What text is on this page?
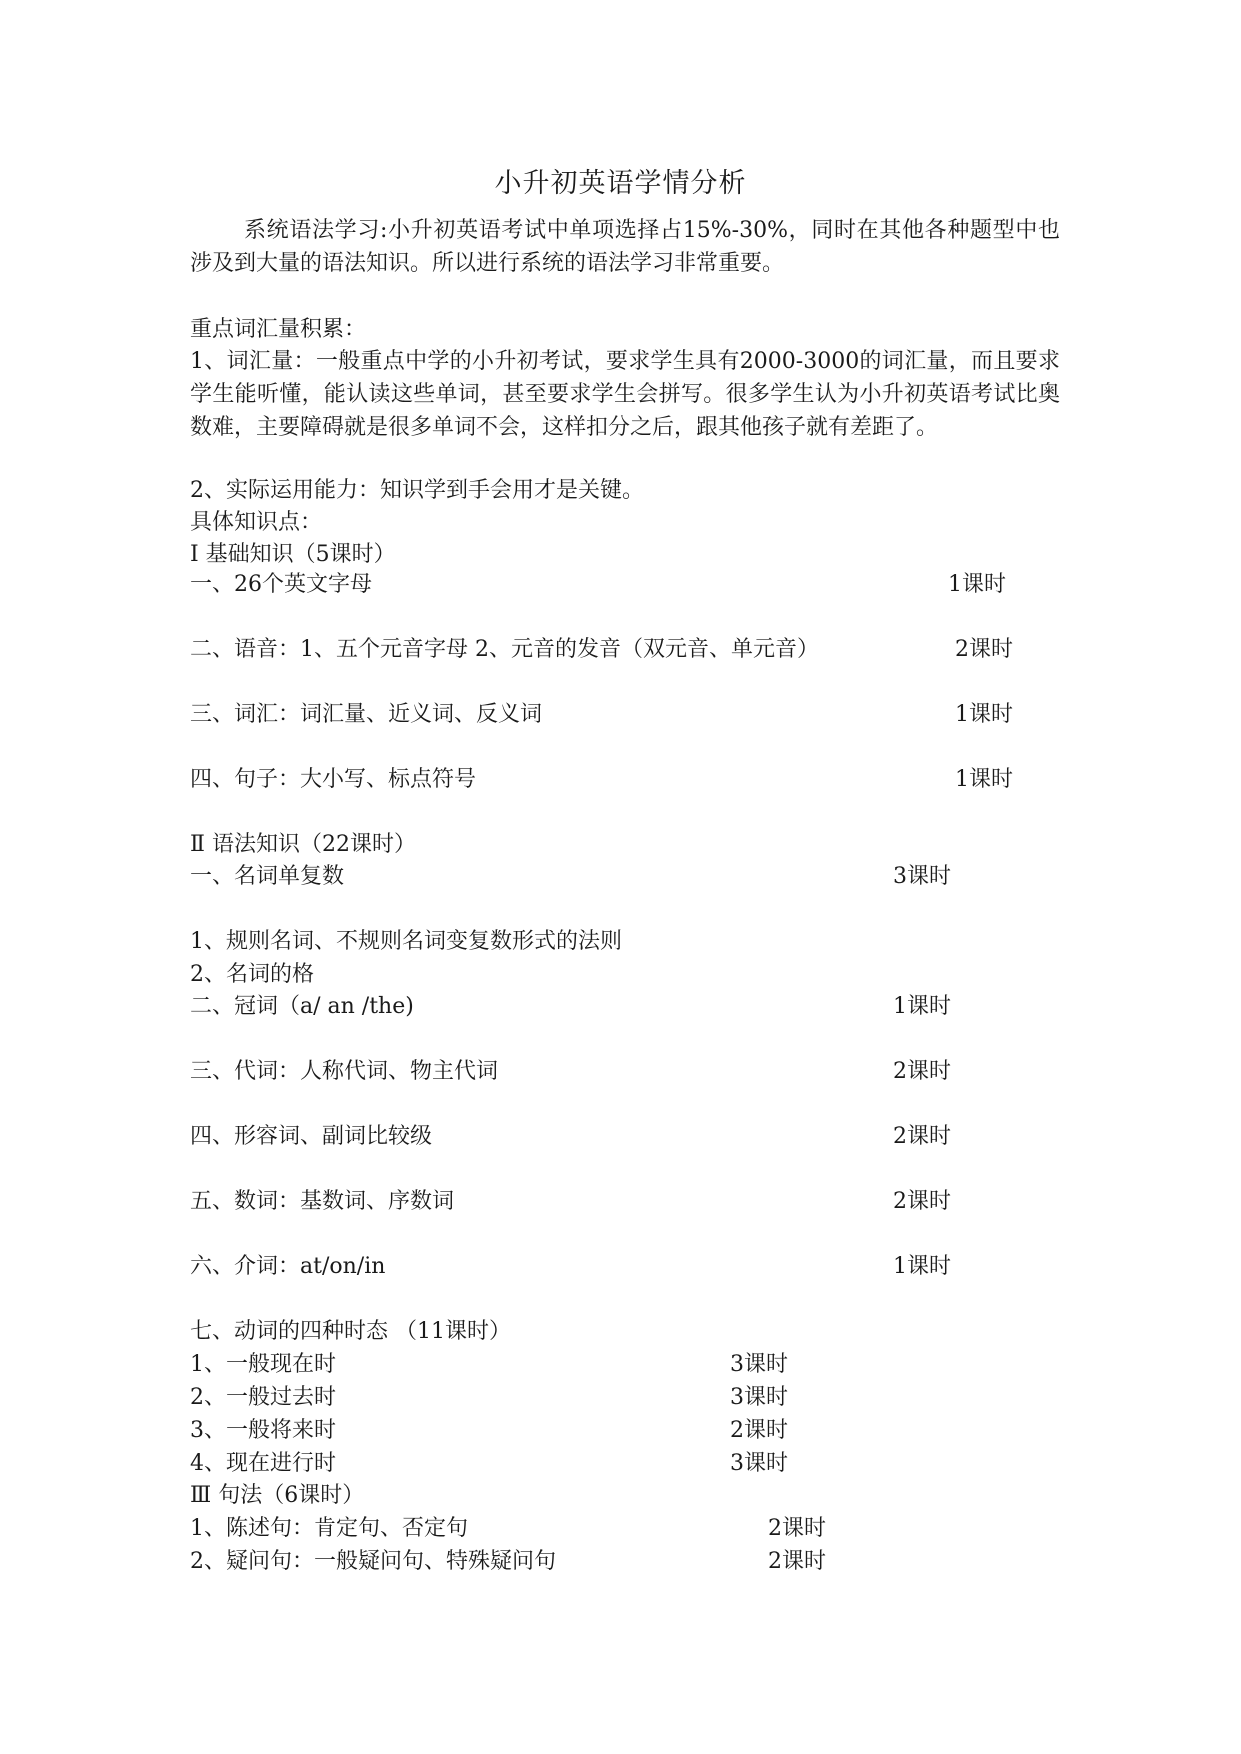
小升初英语学情分析
系统语法学习:小升初英语考试中单项选择占15%-30%，同时在其他各种题型中也涉及到大量的语法知识。所以进行系统的语法学习非常重要。
重点词汇量积累：
1、词汇量：一般重点中学的小升初考试，要求学生具有2000-3000的词汇量，而且要求学生能听懂，能认读这些单词，甚至要求学生会拼写。很多学生认为小升初英语考试比奥数难，主要障碍就是很多单词不会，这样扣分之后，跟其他孩子就有差距了。
2、实际运用能力：知识学到手会用才是关键。
具体知识点：
Ⅰ 基础知识（5课时）
一、26个英文字母	1课时
二、语音：1、五个元音字母 2、元音的发音（双元音、单元音）	2课时
三、词汇：词汇量、近义词、反义词	1课时
四、句子：大小写、标点符号	1课时
Ⅱ 语法知识（22课时）
一、名词单复数	3课时
1、规则名词、不规则名词变复数形式的法则
2、名词的格
二、冠词（a/ an /the)	1课时
三、代词：人称代词、物主代词	2课时
四、形容词、副词比较级	2课时
五、数词：基数词、序数词	2课时
六、介词：at/on/in	1课时
七、动词的四种时态 （11课时）
1、一般现在时	3课时
2、一般过去时	3课时
3、一般将来时	2课时
4、现在进行时	3课时
Ⅲ 句法（6课时）
1、陈述句：肯定句、否定句	2课时
2、疑问句：一般疑问句、特殊疑问句	2课时
